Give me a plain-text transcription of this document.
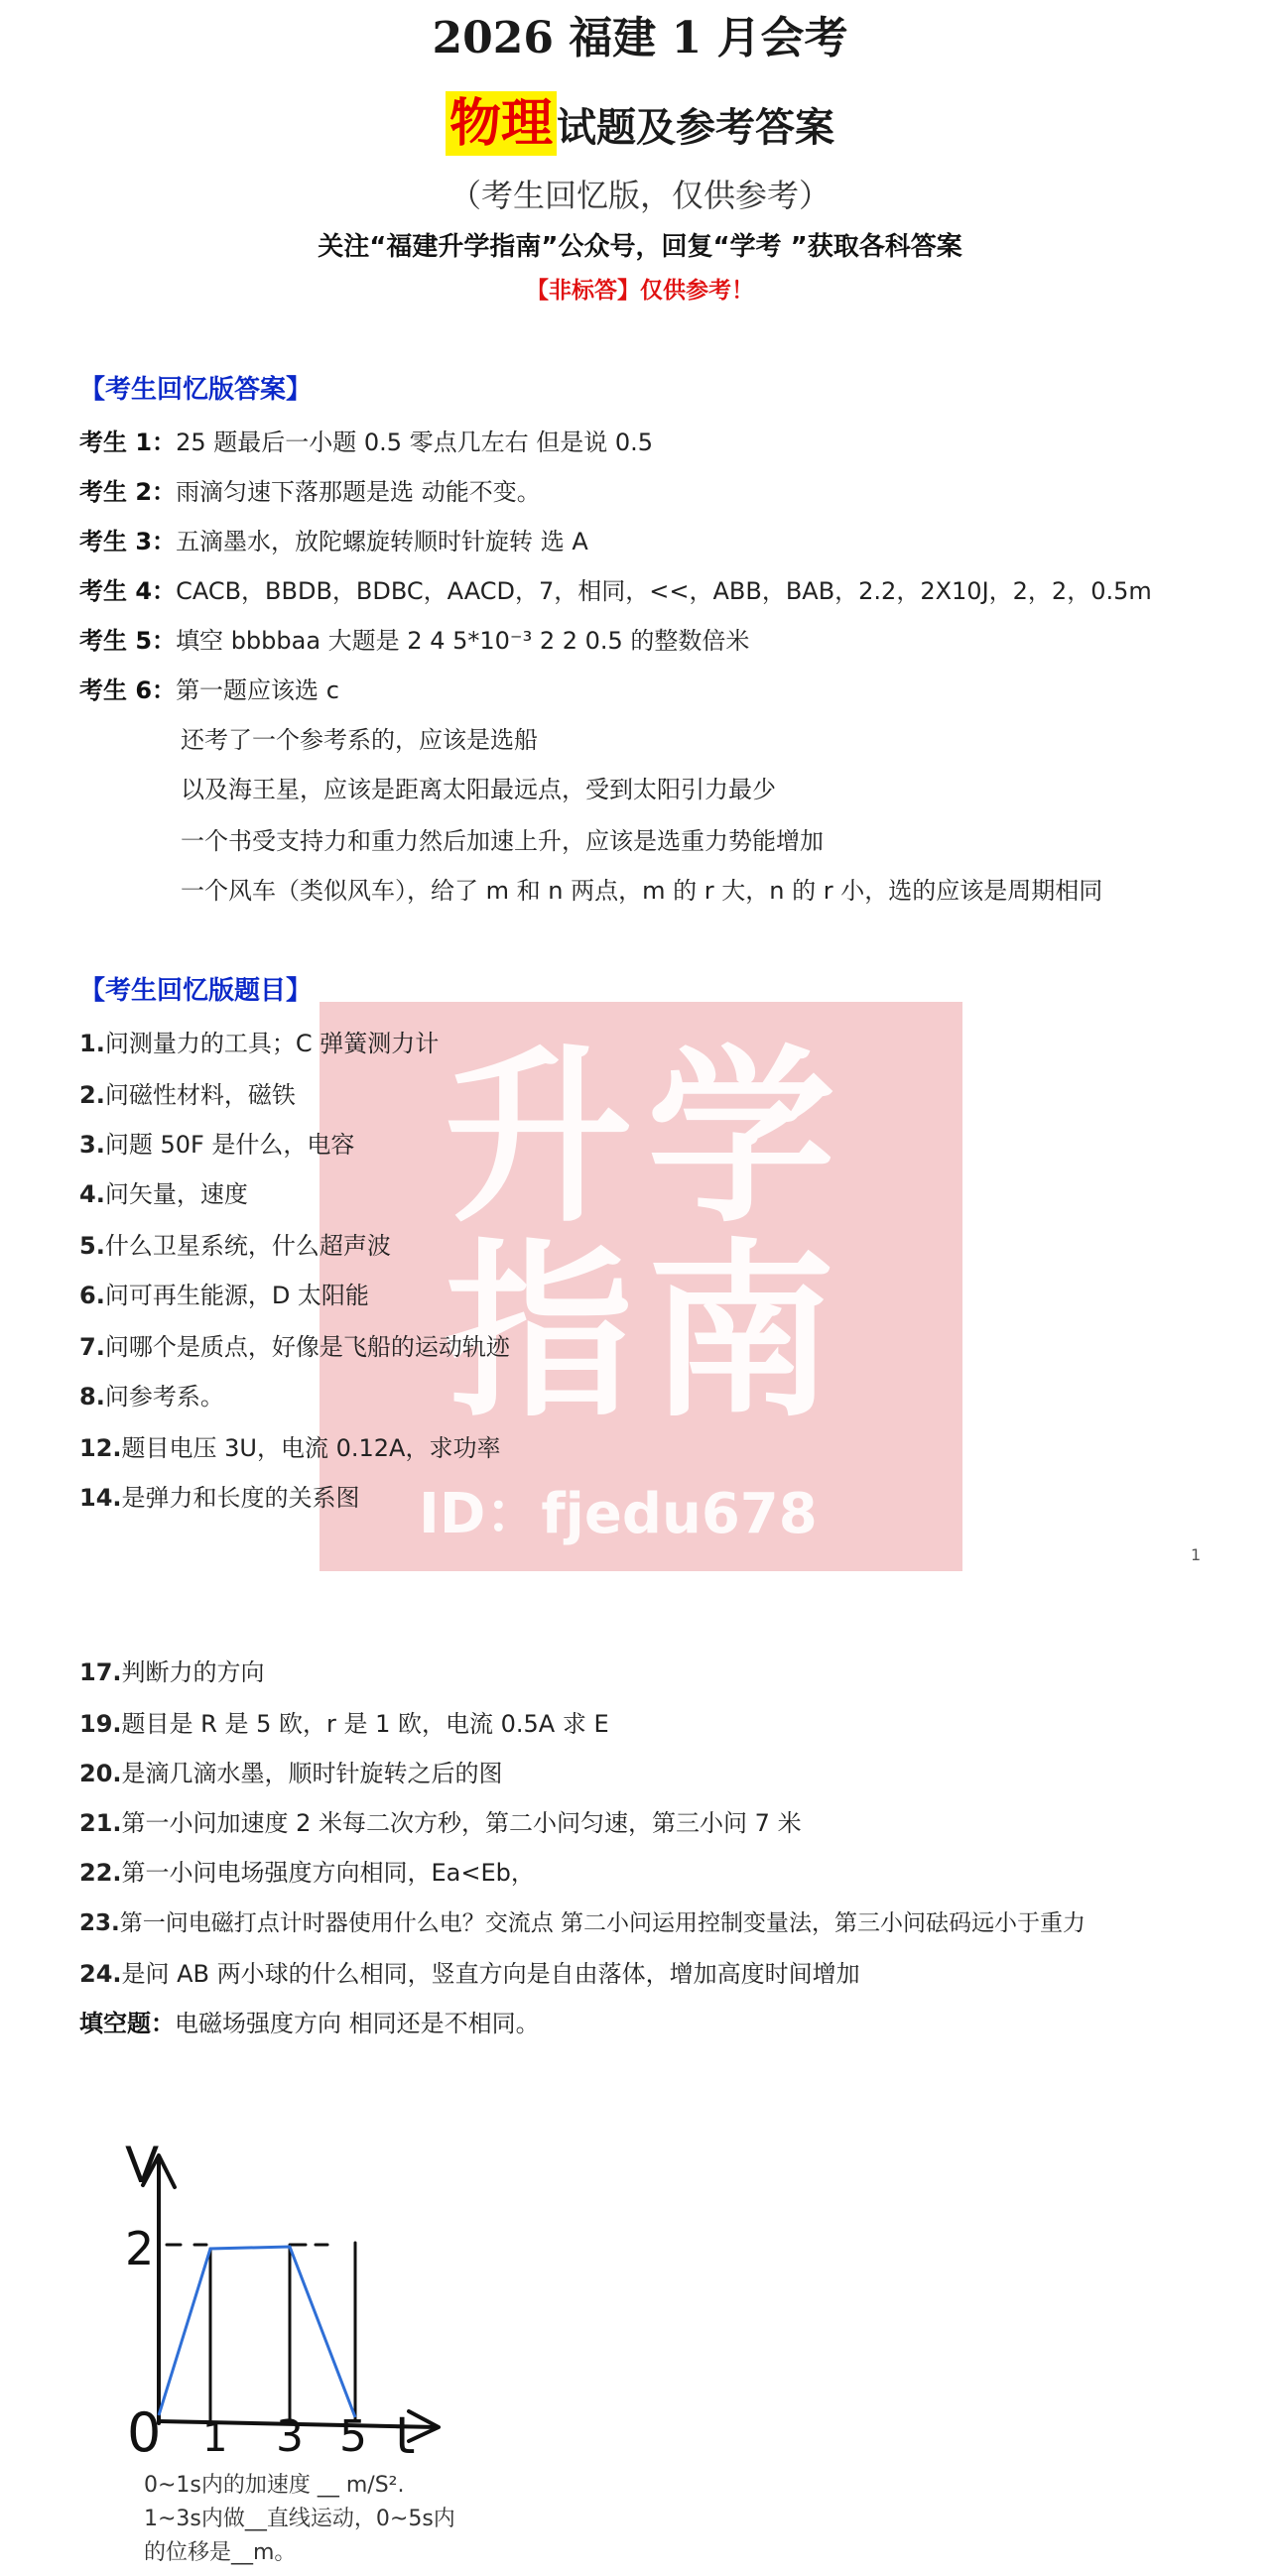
2026 福建 1 月会考
物理 试题及参考答案
（考生回忆版，仅供参考）
关注“福建升学指南”公众号，回复“学考 ”获取各科答案
【非标答】仅供参考！
【考生回忆版答案】
考生 1：25 题最后一小题 0.5 零点几左右 但是说 0.5
考生 2：雨滴匀速下落那题是选 动能不变。
考生 3：五滴墨水，放陀螺旋转顺时针旋转 选 A
考生 4：CACB，BBDB，BDBC，AACD，7，相同，<<，ABB，BAB，2.2，2X10J，2，2，0.5m
考生 5：填空 bbbbaa 大题是 2 4 5*10⁻³ 2 2 0.5 的整数倍米
考生 6：第一题应该选 c
还考了一个参考系的，应该是选船
以及海王星，应该是距离太阳最远点，受到太阳引力最少
一个书受支持力和重力然后加速上升，应该是选重力势能增加
一个风车（类似风车），给了 m 和 n 两点，m 的 r 大，n 的 r 小，选的应该是周期相同
升学指南
ID：fjedu678
【考生回忆版题目】
1.问测量力的工具；C 弹簧测力计
2.问磁性材料，磁铁
3.问题 50F 是什么，电容
4.问矢量，速度
5.什么卫星系统，什么超声波
6.问可再生能源，D 太阳能
7.问哪个是质点，好像是飞船的运动轨迹
8.问参考系。
12.题目电压 3U，电流 0.12A，求功率
14.是弹力和长度的关系图
1
17.判断力的方向
19.题目是 R 是 5 欧，r 是 1 欧，电流 0.5A 求 E
20.是滴几滴水墨，顺时针旋转之后的图
21.第一小问加速度 2 米每二次方秒，第二小问匀速，第三小问 7 米
22.第一小问电场强度方向相同，Ea<Eb，
23.第一问电磁打点计时器使用什么电？交流点 第二小问运用控制变量法，第三小问砝码远小于重力
24.是问 AB 两小球的什么相同，竖直方向是自由落体，增加高度时间增加
填空题：电磁场强度方向 相同还是不相同。
V
2
0 1 3 5 t
0~1s内的加速度 __ m/S².
1~3s内做__直线运动，0~5s内
的位移是__m。
